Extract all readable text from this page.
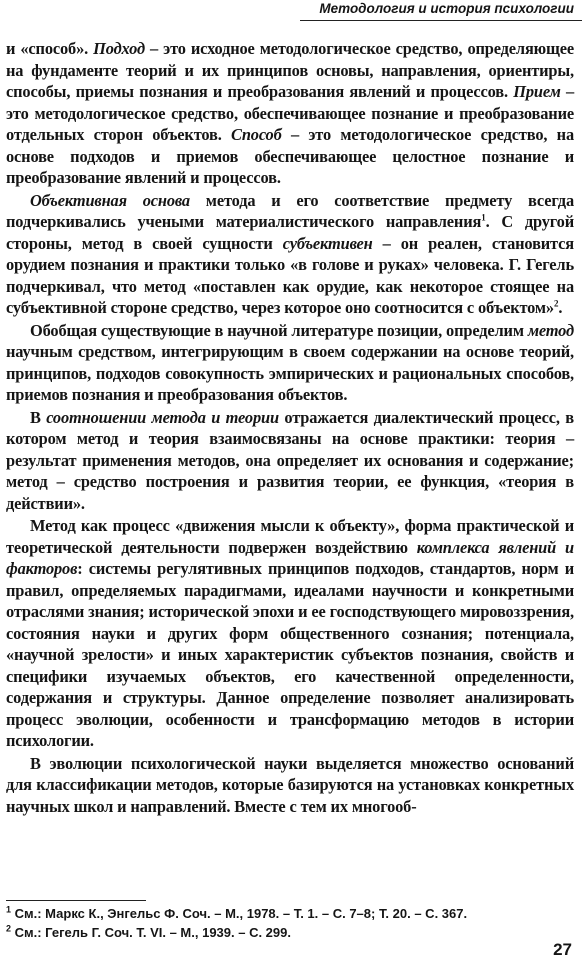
Методология и история психологии

и «способ». Подход – это исходное методологическое средство, определяющее на фундаменте теорий и их принципов основы, направления, ориентиры, способы, приемы познания и преобразования явлений и процессов. Прием – это методологическое средство, обеспечивающее познание и преобразование отдельных сторон объектов. Способ – это методологическое средство, на основе подходов и приемов обеспечивающее целостное познание и преобразование явлений и процессов.

Объективная основа метода и его соответствие предмету всегда подчеркивались учеными материалистического направления$^1$. С другой стороны, метод в своей сущности субъективен – он реален, становится орудием познания и практики только «в голове и руках» человека. Г. Гегель подчеркивал, что метод «поставлен как орудие, как некоторое стоящее на субъективной стороне средство, через которое оно соотносится с объектом»$^2$.

Обобщая существующие в научной литературе позиции, определим метод научным средством, интегрирующим в своем содержании на основе теорий, принципов, подходов совокупность эмпирических и рациональных способов, приемов познания и преобразования объектов.

В соотношении метода и теории отражается диалектический процесс, в котором метод и теория взаимосвязаны на основе практики: теория – результат применения методов, она определяет их основания и содержание; метод – средство построения и развития теории, ее функция, «теория в действии».

Метод как процесс «движения мысли к объекту», форма практической и теоретической деятельности подвержен воздействию комплекса явлений и факторов: системы регулятивных принципов подходов, стандартов, норм и правил, определяемых парадигмами, идеалами научности и конкретными отраслями знания; исторической эпохи и ее господствующего мировоззрения, состояния науки и других форм общественного сознания; потенциала, «научной зрелости» и иных характеристик субъектов познания, свойств и специфики изучаемых объектов, его качественной определенности, содержания и структуры. Данное определение позволяет анализировать процесс эволюции, особенности и трансформацию методов в истории психологии.

В эволюции психологической науки выделяется множество оснований для классификации методов, которые базируются на установках конкретных научных школ и направлений. Вместе с тем их многооб-

$^1$ См.: Маркс К., Энгельс Ф. Соч. – М., 1978. – Т. 1. – С. 7–8; Т. 20. – С. 367.

$^2$ См.: Гегель Г. Соч. Т. VI. – М., 1939. – С. 299.

27
